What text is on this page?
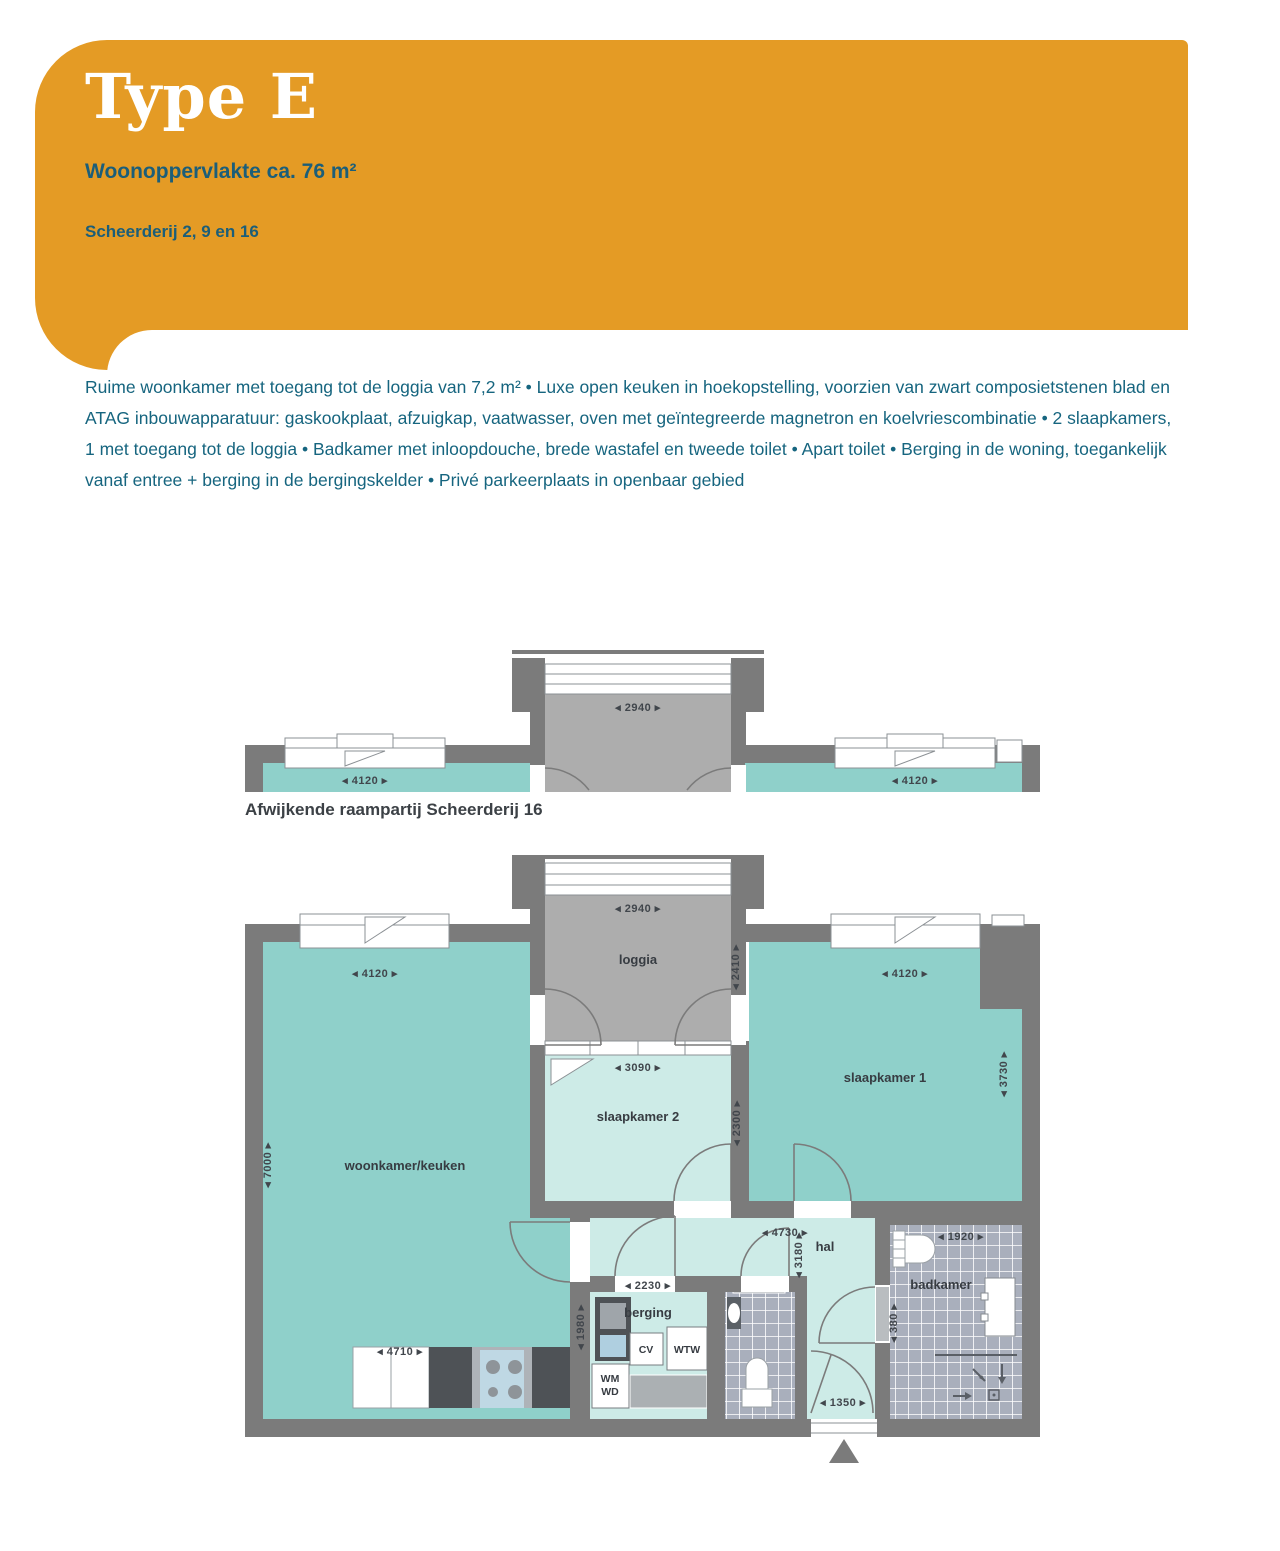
Type E
Woonoppervlakte ca. 76 m²
Scheerderij 2, 9 en 16
Ruime woonkamer met toegang tot de loggia van 7,2 m² • Luxe open keuken in hoekopstelling, voorzien van zwart composietstenen blad en ATAG inbouwapparatuur: gaskookplaat, afzuigkap, vaatwasser, oven met geïntegreerde magnetron en koelvriescombinatie • 2 slaapkamers, 1 met toegang tot de loggia • Badkamer met inloopdouche, brede wastafel en tweede toilet • Apart toilet • Berging in de woning, toegankelijk vanaf entree + berging in de bergingskelder • Privé parkeerplaats in openbaar gebied
◂ 2940 ▸
◂ 4120 ▸	◂ 4120 ▸
Afwijkende raampartij Scheerderij 16
◂ 2940 ▸
loggia	◂ 2410 ▸
◂ 4120 ▸	◂ 4120 ▸
◂ 3090 ▸
slaapkamer 2	◂ 2300 ▸
slaapkamer 1	◂ 3730 ▸
◂ 7000 ▸	woonkamer/keuken
◂ 4710 ▸
◂ 4730 ▸
hal
◂ 3180 ▸
◂ 2230 ▸
berging
◂ 1980 ▸
◂ 1920 ▸
badkamer
◂ 380 ▸
◂ 1350 ▸
CV WTW
WM
WD
